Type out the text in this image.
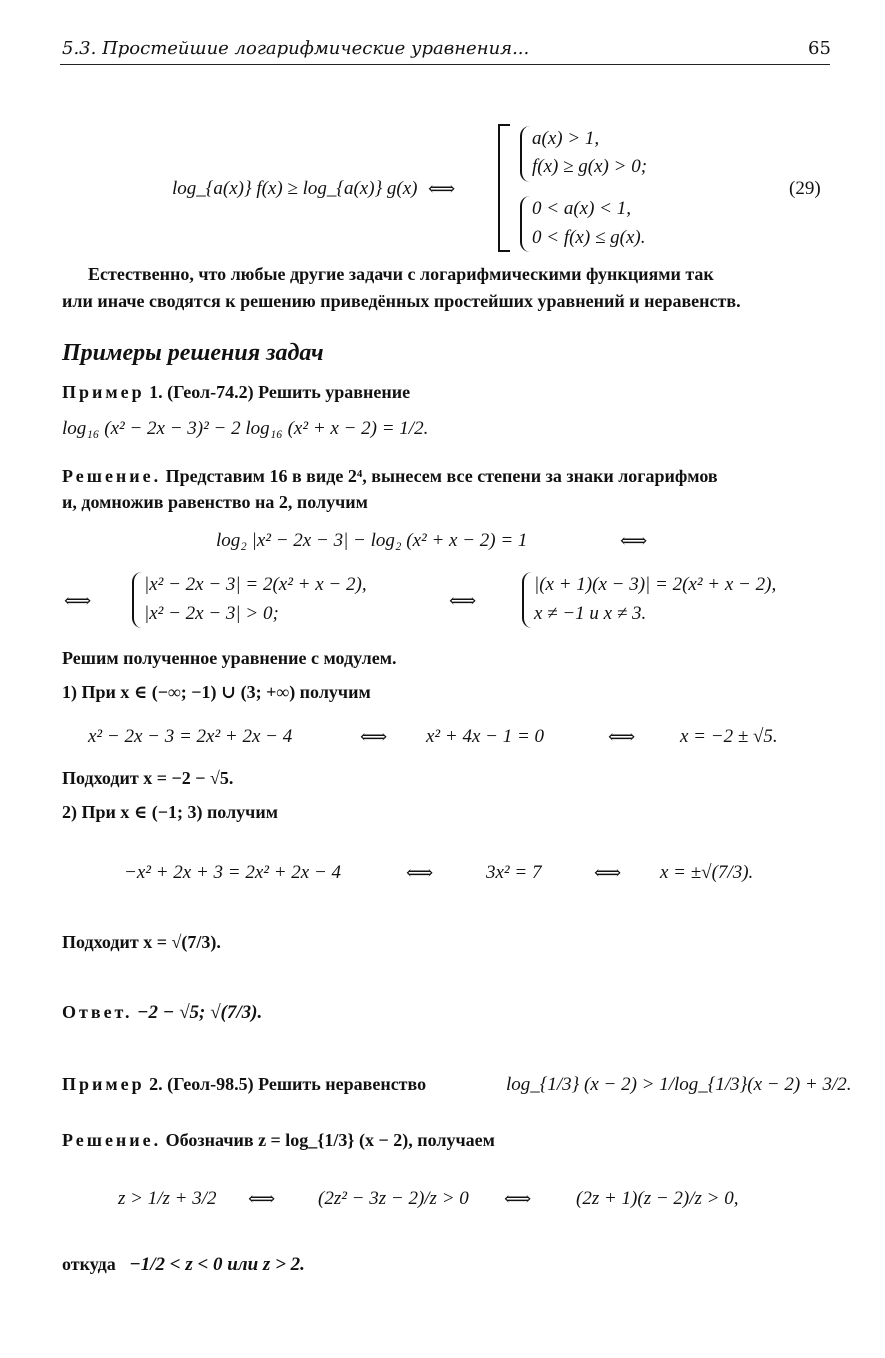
5.3. Простейшие логарифмические уравнения...	65
log_{a(x)} f(x) ≥ log_{a(x)} g(x) ⟺
a(x) > 1,
f(x) ≥ g(x) > 0;
0 < a(x) < 1,
0 < f(x) ≤ g(x).
(29)
Естественно, что любые другие задачи с логарифмическими функциями так
или иначе сводятся к решению приведённых простейших уравнений и неравенств.
Примеры решения задач
Пример 1. (Геол-74.2) Решить уравнение
log₁₆ (x² − 2x − 3)² − 2 log₁₆ (x² + x − 2) = 1/2.
Решение. Представим 16 в виде 2⁴, вынесем все степени за знаки логарифмов
и, домножив равенство на 2, получим
log₂ |x² − 2x − 3| − log₂ (x² + x − 2) = 1	⟺
⟺
|x² − 2x − 3| = 2(x² + x − 2),
|x² − 2x − 3| > 0;
⟺
|(x + 1)(x − 3)| = 2(x² + x − 2),
x ≠ −1 и x ≠ 3.
Решим полученное уравнение с модулем.
1) При x ∈ (−∞; −1) ∪ (3; +∞) получим
x² − 2x − 3 = 2x² + 2x − 4	⟺ x² + 4x − 1 = 0	⟺ x = −2 ± √5.
Подходит x = −2 − √5.
2) При x ∈ (−1; 3) получим
−x² + 2x + 3 = 2x² + 2x − 4	⟺	3x² = 7	⟺ x = ±√(7/3).
Подходит x = √(7/3).
Ответ. −2 − √5; √(7/3).
Пример 2. (Геол-98.5) Решить неравенство	log_{1/3} (x − 2) > 1/log_{1/3}(x − 2) + 3/2.
Решение. Обозначив z = log_{1/3} (x − 2), получаем
z > 1/z + 3/2 ⟺ (2z² − 3z − 2)/z > 0 ⟺ (2z + 1)(z − 2)/z > 0,
откуда −1/2 < z < 0 или z > 2.
